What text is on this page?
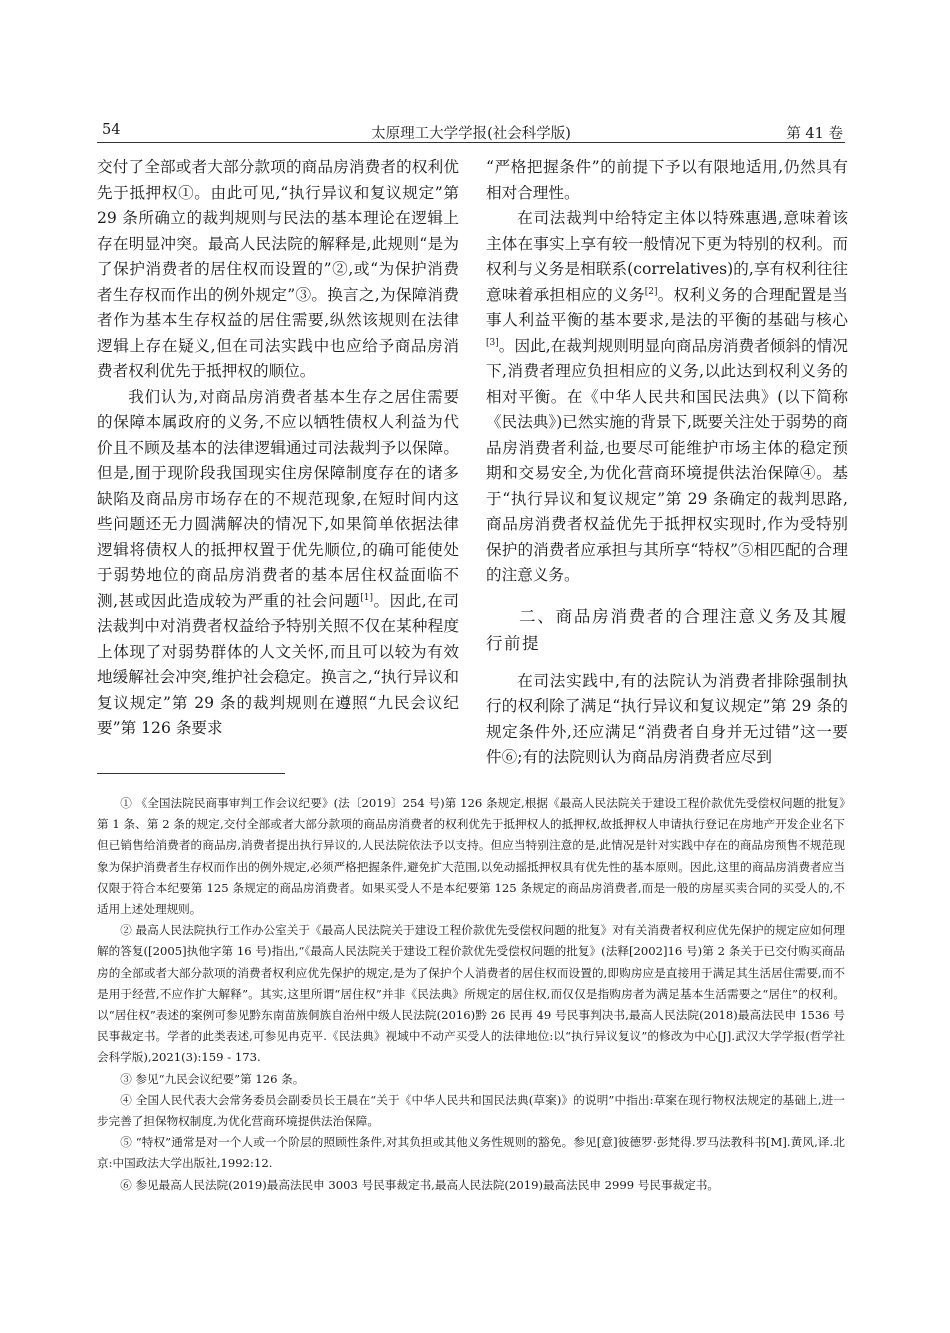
54	太原理工大学学报(社会科学版)	第 41 卷

交付了全部或者大部分款项的商品房消费者的权利优先于抵押权①。由此可见,“执行异议和复议规定”第 29 条所确立的裁判规则与民法的基本理论在逻辑上存在明显冲突。最高人民法院的解释是,此规则“是为了保护消费者的居住权而设置的”②,或“为保护消费者生存权而作出的例外规定”③。换言之,为保障消费者作为基本生存权益的居住需要,纵然该规则在法律逻辑上存在疑义,但在司法实践中也应给予商品房消费者权利优先于抵押权的顺位。

我们认为,对商品房消费者基本生存之居住需要的保障本属政府的义务,不应以牺牲债权人利益为代价且不顾及基本的法律逻辑通过司法裁判予以保障。但是,囿于现阶段我国现实住房保障制度存在的诸多缺陷及商品房市场存在的不规范现象,在短时间内这些问题还无力圆满解决的情况下,如果简单依据法律逻辑将债权人的抵押权置于优先顺位,的确可能使处于弱势地位的商品房消费者的基本居住权益面临不测,甚或因此造成较为严重的社会问题[1]。因此,在司法裁判中对消费者权益给予特别关照不仅在某种程度上体现了对弱势群体的人文关怀,而且可以较为有效地缓解社会冲突,维护社会稳定。换言之,“执行异议和复议规定”第 29 条的裁判规则在遵照“九民会议纪要”第 126 条要求

“严格把握条件”的前提下予以有限地适用,仍然具有相对合理性。

在司法裁判中给特定主体以特殊惠遇,意味着该主体在事实上享有较一般情况下更为特别的权利。而权利与义务是相联系(correlatives)的,享有权利往往意味着承担相应的义务[2]。权利义务的合理配置是当事人利益平衡的基本要求,是法的平衡的基础与核心[3]。因此,在裁判规则明显向商品房消费者倾斜的情况下,消费者理应负担相应的义务,以此达到权利义务的相对平衡。在《中华人民共和国民法典》(以下简称《民法典》)已然实施的背景下,既要关注处于弱势的商品房消费者利益,也要尽可能维护市场主体的稳定预期和交易安全,为优化营商环境提供法治保障④。基于“执行异议和复议规定”第 29 条确定的裁判思路,商品房消费者权益优先于抵押权实现时,作为受特别保护的消费者应承担与其所享“特权”⑤相匹配的合理的注意义务。

二、商品房消费者的合理注意义务及其履行前提

在司法实践中,有的法院认为消费者排除强制执行的权利除了满足“执行异议和复议规定”第 29 条的规定条件外,还应满足“消费者自身并无过错”这一要件⑥;有的法院则认为商品房消费者应尽到

① 《全国法院民商事审判工作会议纪要》(法〔2019〕254 号)第 126 条规定,根据《最高人民法院关于建设工程价款优先受偿权问题的批复》第 1 条、第 2 条的规定,交付全部或者大部分款项的商品房消费者的权利优先于抵押权人的抵押权,故抵押权人申请执行登记在房地产开发企业名下但已销售给消费者的商品房,消费者提出执行异议的,人民法院依法予以支持。但应当特别注意的是,此情况是针对实践中存在的商品房预售不规范现象为保护消费者生存权而作出的例外规定,必须严格把握条件,避免扩大范围,以免动摇抵押权具有优先性的基本原则。因此,这里的商品房消费者应当仅限于符合本纪要第 125 条规定的商品房消费者。如果买受人不是本纪要第 125 条规定的商品房消费者,而是一般的房屋买卖合同的买受人的,不适用上述处理规则。

② 最高人民法院执行工作办公室关于《最高人民法院关于建设工程价款优先受偿权问题的批复》对有关消费者权利应优先保护的规定应如何理解的答复([2005]执他字第 16 号)指出,“《最高人民法院关于建设工程价款优先受偿权问题的批复》(法释[2002]16 号)第 2 条关于已交付购买商品房的全部或者大部分款项的消费者权利应优先保护的规定,是为了保护个人消费者的居住权而设置的,即购房应是直接用于满足其生活居住需要,而不是用于经营,不应作扩大解释”。其实,这里所谓“居住权”并非《民法典》所规定的居住权,而仅仅是指购房者为满足基本生活需要之“居住”的权利。以“居住权”表述的案例可参见黔东南苗族侗族自治州中级人民法院(2016)黔 26 民再 49 号民事判决书,最高人民法院(2018)最高法民申 1536 号民事裁定书。学者的此类表述,可参见冉克平.《民法典》视域中不动产买受人的法律地位:以“执行异议复议”的修改为中心[J].武汉大学学报(哲学社会科学版),2021(3):159 - 173.

③ 参见“九民会议纪要”第 126 条。

④ 全国人民代表大会常务委员会副委员长王晨在“关于《中华人民共和国民法典(草案)》的说明”中指出:草案在现行物权法规定的基础上,进一步完善了担保物权制度,为优化营商环境提供法治保障。

⑤ “特权”通常是对一个人或一个阶层的照顾性条件,对其负担或其他义务性规则的豁免。参见[意]彼德罗·彭梵得.罗马法教科书[M].黄风,译.北京:中国政法大学出版社,1992:12.

⑥ 参见最高人民法院(2019)最高法民申 3003 号民事裁定书,最高人民法院(2019)最高法民申 2999 号民事裁定书。
